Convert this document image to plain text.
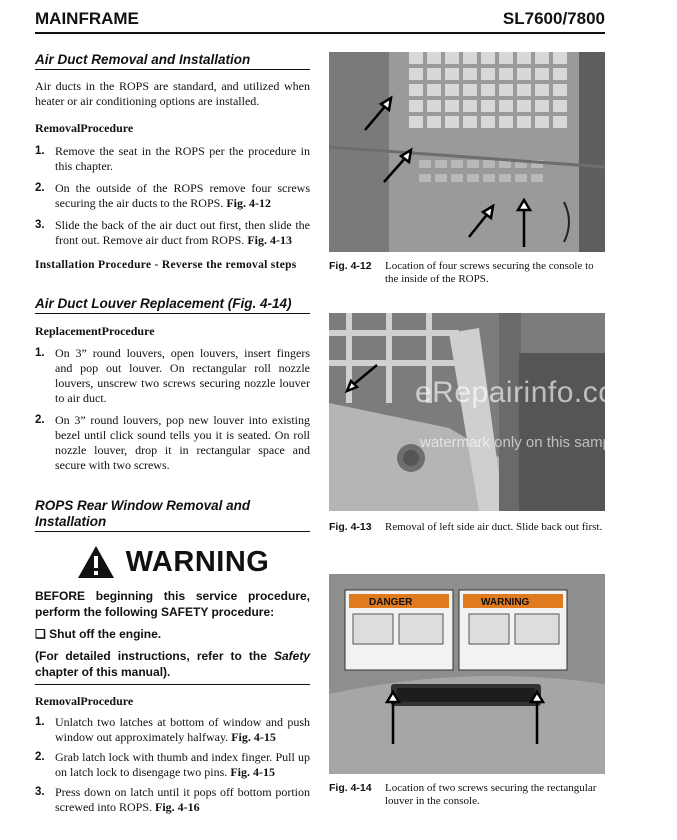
MAINFRAME	SL7600/7800
Air Duct Removal and Installation
Air ducts in the ROPS are standard, and utilized when heater or air conditioning options are installed.
RemovalProcedure
1. Remove the seat in the ROPS per the procedure in this chapter.
2. On the outside of the ROPS remove four screws securing the air ducts to the ROPS. Fig. 4-12
3. Slide the back of the air duct out first, then slide the front out. Remove air duct from ROPS. Fig. 4-13
Installation Procedure - Reverse the removal steps
Air Duct Louver Replacement (Fig. 4-14)
ReplacementProcedure
1. On 3” round louvers, open louvers, insert fingers and pop out louver. On rectangular roll nozzle louvers, unscrew two screws securing nozzle louver to air duct.
2. On 3” round louvers, pop new louver into existing bezel until click sound tells you it is seated. On roll nozzle louver, drop it in rectangular space and secure with two screws.
ROPS Rear Window Removal and Installation
WARNING
BEFORE beginning this service procedure, perform the following SAFETY procedure:
❑ Shut off the engine.
(For detailed instructions, refer to the Safety chapter of this manual).
RemovalProcedure
1. Unlatch two latches at bottom of window and push window out approximately halfway. Fig. 4-15
2. Grab latch lock with thumb and index finger. Pull up on latch lock to disengage two pins. Fig. 4-15
3. Press down on latch until it pops off bottom portion screwed into ROPS. Fig. 4-16
Fig. 4-12	Location of four screws securing the console to the inside of the ROPS.
Fig. 4-13	Removal of left side air duct. Slide back out first.
DANGER	WARNING
Fig. 4-14	Location of two screws securing the rectangular louver in the console.
eRepairinfo.com
watermark only on this sample
